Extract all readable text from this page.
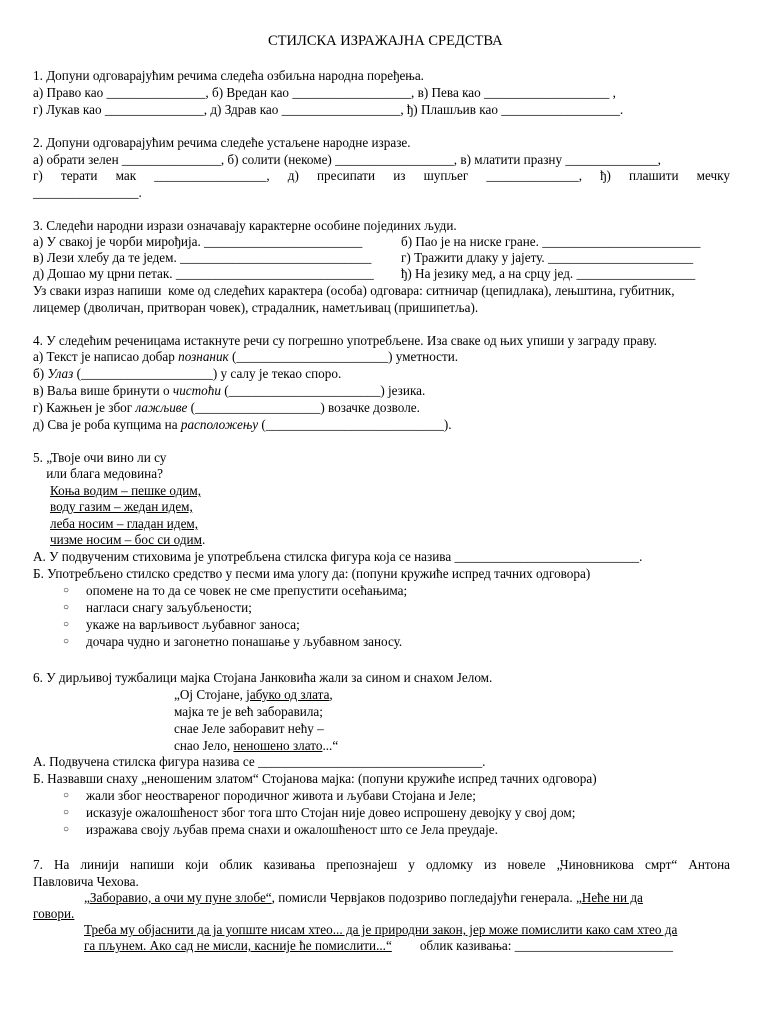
СТИЛСКА ИЗРАЖАЈНА СРЕДСТВА
1. Допуни одговарајућим речима следећа озбиљна народна поређења.
а) Право као _______________, б) Вредан као __________________, в) Пева као ___________________ ,
г) Лукав као _______________, д) Здрав као __________________, ђ) Плашљив као __________________.
2. Допуни одговарајућим речима следеће устаљене народне изразе.
а) обрати зелен _______________, б) солити (некоме) __________________, в) млатити празну ______________,
г) терати мак _________________, д) пресипати из шупљег ______________, ђ) плашити мечку
________________.
3. Следећи народни изрази означавају карактерне особине појединих људи.
а) У свакој је чорби мирођија. ________________________	б) Пао је на ниске гране. ________________________
в) Лези хлебу да те једем. _____________________________ г) Тражити длаку у јајету. ______________________
д) Дошао му црни петак. ______________________________ ђ) На језику мед, а на срцу јед. __________________
Уз сваки израз напиши  коме од следећих карактера (особа) одговара: ситничар (цепидлака), лењштина, губитник,
лицемер (дволичан, притворан човек), страдалник, наметљивац (пришипетља).
4. У следећим реченицама истакнуте речи су погрешно употребљене. Иза сваке од њих упиши у заграду праву.
а) Текст је написао добар познаник (_______________________) уметности.
б) Улаз (____________________) у салу је текао споро.
в) Ваља више бринути о чистоћи (_______________________) језика.
г) Кажњен је због лажљиве (___________________) возачке дозволе.
д) Сва је роба купцима на расположењу (___________________________).
5. „Твоје очи вино ли су
или блага медовина?
Коња водим – пешке одим,
воду газим – жедан идем,
леба носим – гладан идем,
чизме носим – бос си одим.
А. У подвученим стиховима је употребљена стилска фигура која се назива ____________________________.
Б. Употребљено стилско средство у песми има улогу да: (попуни кружиће испред тачних одговора)
○ опомене на то да се човек не сме препустити осећањима;
○ нагласи снагу заљубљености;
○ укаже на варљивост љубавног заноса;
○ дочара чудно и загонетно понашање у љубавном заносу.
6. У дирљивој тужбалици мајка Стојана Јанковића жали за сином и снахом Јелом.
„Ој Стојане, јабуко од злата,
мајка те је већ заборавила;
снае Јеле заборавит нећу –
снао Јело, неношено злато...“
А. Подвучена стилска фигура назива се __________________________________.
Б. Назвавши снаху „неношеним златом“ Стојанова мајка: (попуни кружиће испред тачних одговора)
○ жали због неоствареног породичног живота и љубави Стојана и Јеле;
○ исказује ожалошћеност због тога што Стојан није довео испрошену девојку у свој дом;
○ изражава своју љубав према снахи и ожалошћеност што се Јела преудаје.
7. На линији напиши који облик казивања препознајеш у одломку из новеле „Чиновникова смрт“ Антона
Павловича Чехова.
„Заборавио, а очи му пуне злобе“, помисли Червјаков подозриво погледајући генерала. „Неће ни да
говори.
Треба му објаснити да ја уопште нисам хтео... да је природни закон, јер може помислити како сам хтео да
га пљунем. Ако сад не мисли, касније ће помислити...“ облик казивања: ________________________
